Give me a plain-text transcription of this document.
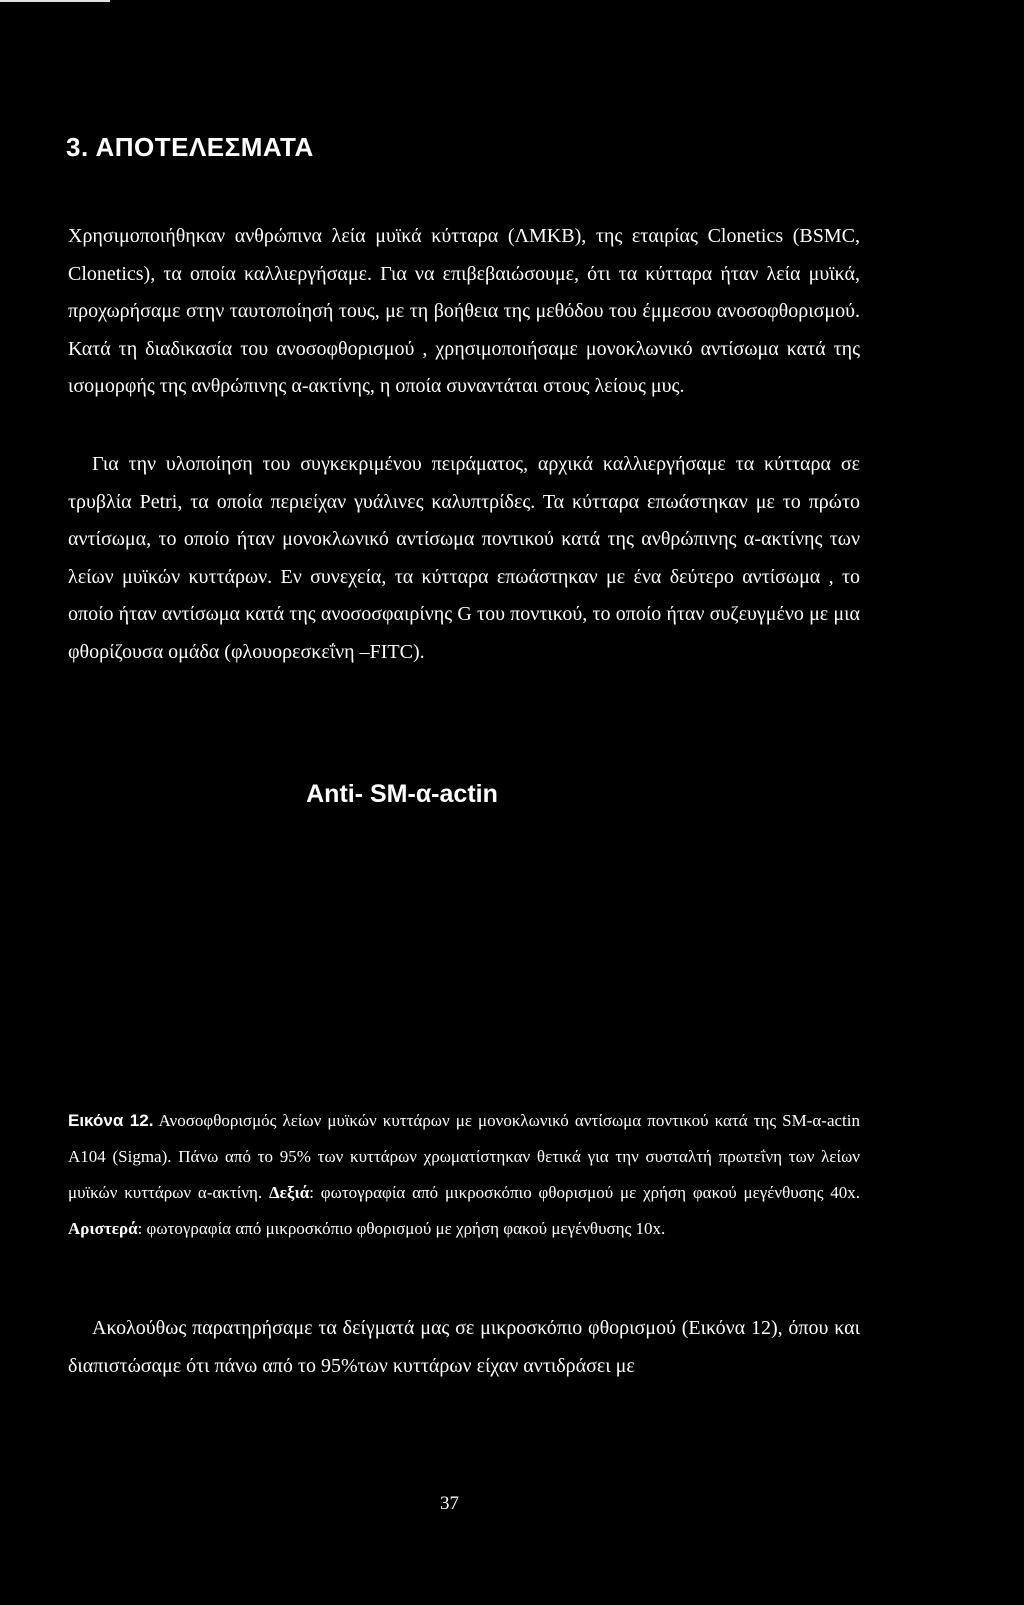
3. ΑΠΟΤΕΛΕΣΜΑΤΑ
Χρησιμοποιήθηκαν ανθρώπινα λεία μυϊκά κύτταρα (ΛΜΚΒ), της εταιρίας Clonetics (BSMC, Clonetics), τα οποία καλλιεργήσαμε. Για να επιβεβαιώσουμε, ότι τα κύτταρα ήταν λεία μυϊκά, προχωρήσαμε στην ταυτοποίησή τους, με τη βοήθεια της μεθόδου του έμμεσου ανοσοφθορισμού. Κατά τη διαδικασία του ανοσοφθορισμού , χρησιμοποιήσαμε μονοκλωνικό αντίσωμα κατά της ισομορφής της ανθρώπινης α-ακτίνης, η οποία συναντάται στους λείους μυς.
Για την υλοποίηση του συγκεκριμένου πειράματος, αρχικά καλλιεργήσαμε τα κύτταρα σε τρυβλία Petri, τα οποία περιείχαν γυάλινες καλυπτρίδες. Τα κύτταρα επωάστηκαν με το πρώτο αντίσωμα, το οποίο ήταν μονοκλωνικό αντίσωμα ποντικού κατά της ανθρώπινης α-ακτίνης των λείων μυϊκών κυττάρων. Εν συνεχεία, τα κύτταρα επωάστηκαν με ένα δεύτερο αντίσωμα , το οποίο ήταν αντίσωμα κατά της ανοσοσφαιρίνης G του ποντικού, το οποίο ήταν συζευγμένο με μια φθορίζουσα ομάδα (φλουορεσκεΐνη –FITC).
Anti- SM-α-actin
Εικόνα 12. Ανοσοφθορισμός λείων μυϊκών κυττάρων με μονοκλωνικό αντίσωμα ποντικού κατά της SM-α-actin A104 (Sigma). Πάνω από το 95% των κυττάρων χρωματίστηκαν θετικά για την συσταλτή πρωτεΐνη των λείων μυϊκών κυττάρων α-ακτίνη. Δεξιά: φωτογραφία από μικροσκόπιο φθορισμού με χρήση φακού μεγένθυσης 40x. Αριστερά: φωτογραφία από μικροσκόπιο φθορισμού με χρήση φακού μεγένθυσης 10x.
Ακολούθως παρατηρήσαμε τα δείγματά μας σε μικροσκόπιο φθορισμού (Εικόνα 12), όπου και διαπιστώσαμε ότι πάνω από το 95%των κυττάρων είχαν αντιδράσει με
37
